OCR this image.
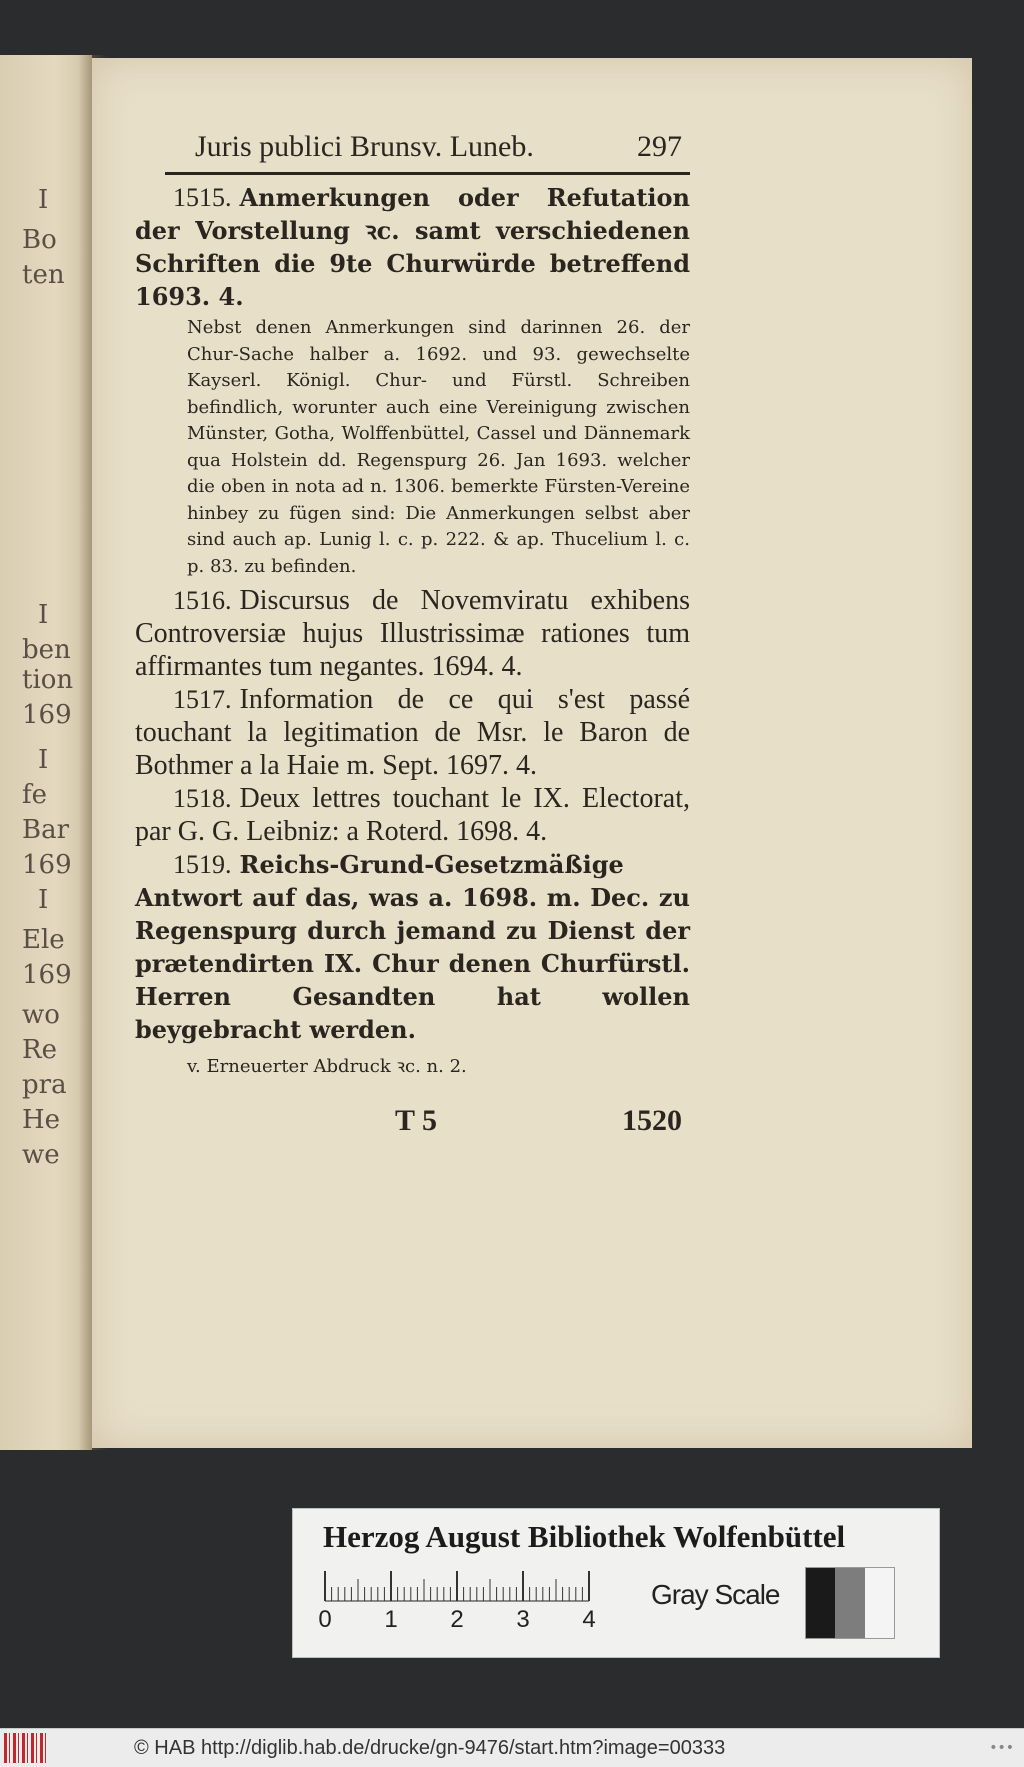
I
Bo
ten
I
ben
tion
169
I
fe
Bar
169
I
Ele
169
wo
Re
pra
He
we
Juris publici Brunsv. Luneb.	297

1515. Anmerkungen oder Refutation der Vorstellung ꝛc. samt verschiedenen Schriften die 9te Churwürde betreffend 1693. 4.

Nebst denen Anmerkungen sind darinnen 26. der Chur-Sache halber a. 1692. und 93. gewechselte Kayserl. Königl. Chur- und Fürstl. Schreiben befindlich, worunter auch eine Vereinigung zwischen Münster, Gotha, Wolffenbüttel, Cassel und Dännemark qua Holstein dd. Regenspurg 26. Jan 1693. welcher die oben in nota ad n. 1306. bemerkte Fürsten-Vereine hinbey zu fügen sind: Die Anmerkungen selbst aber sind auch ap. Lunig l. c. p. 222. & ap. Thucelium l. c. p. 83. zu befinden.

1516. Discursus de Novemviratu exhibens Controversiæ hujus Illustrissimæ rationes tum affirmantes tum negantes. 1694. 4.

1517. Information de ce qui s'est passé touchant la legitimation de Msr. le Baron de Bothmer a la Haie m. Sept. 1697. 4.

1518. Deux lettres touchant le IX. Electorat, par G. G. Leibniz: a Roterd. 1698. 4.

1519. Reichs-Grund-Gesetzmäßige Antwort auf das, was a. 1698. m. Dec. zu Regenspurg durch jemand zu Dienst der prætendirten IX. Chur denen Churfürstl. Herren Gesandten hat wollen beygebracht werden.

v. Erneuerter Abdruck ꝛc. n. 2.
T 5	1520
Herzog August Bibliothek Wolfenbüttel
0 1 2 3 4
Gray Scale
© HAB http://diglib.hab.de/drucke/gn-9476/start.htm?image=00333	•••
